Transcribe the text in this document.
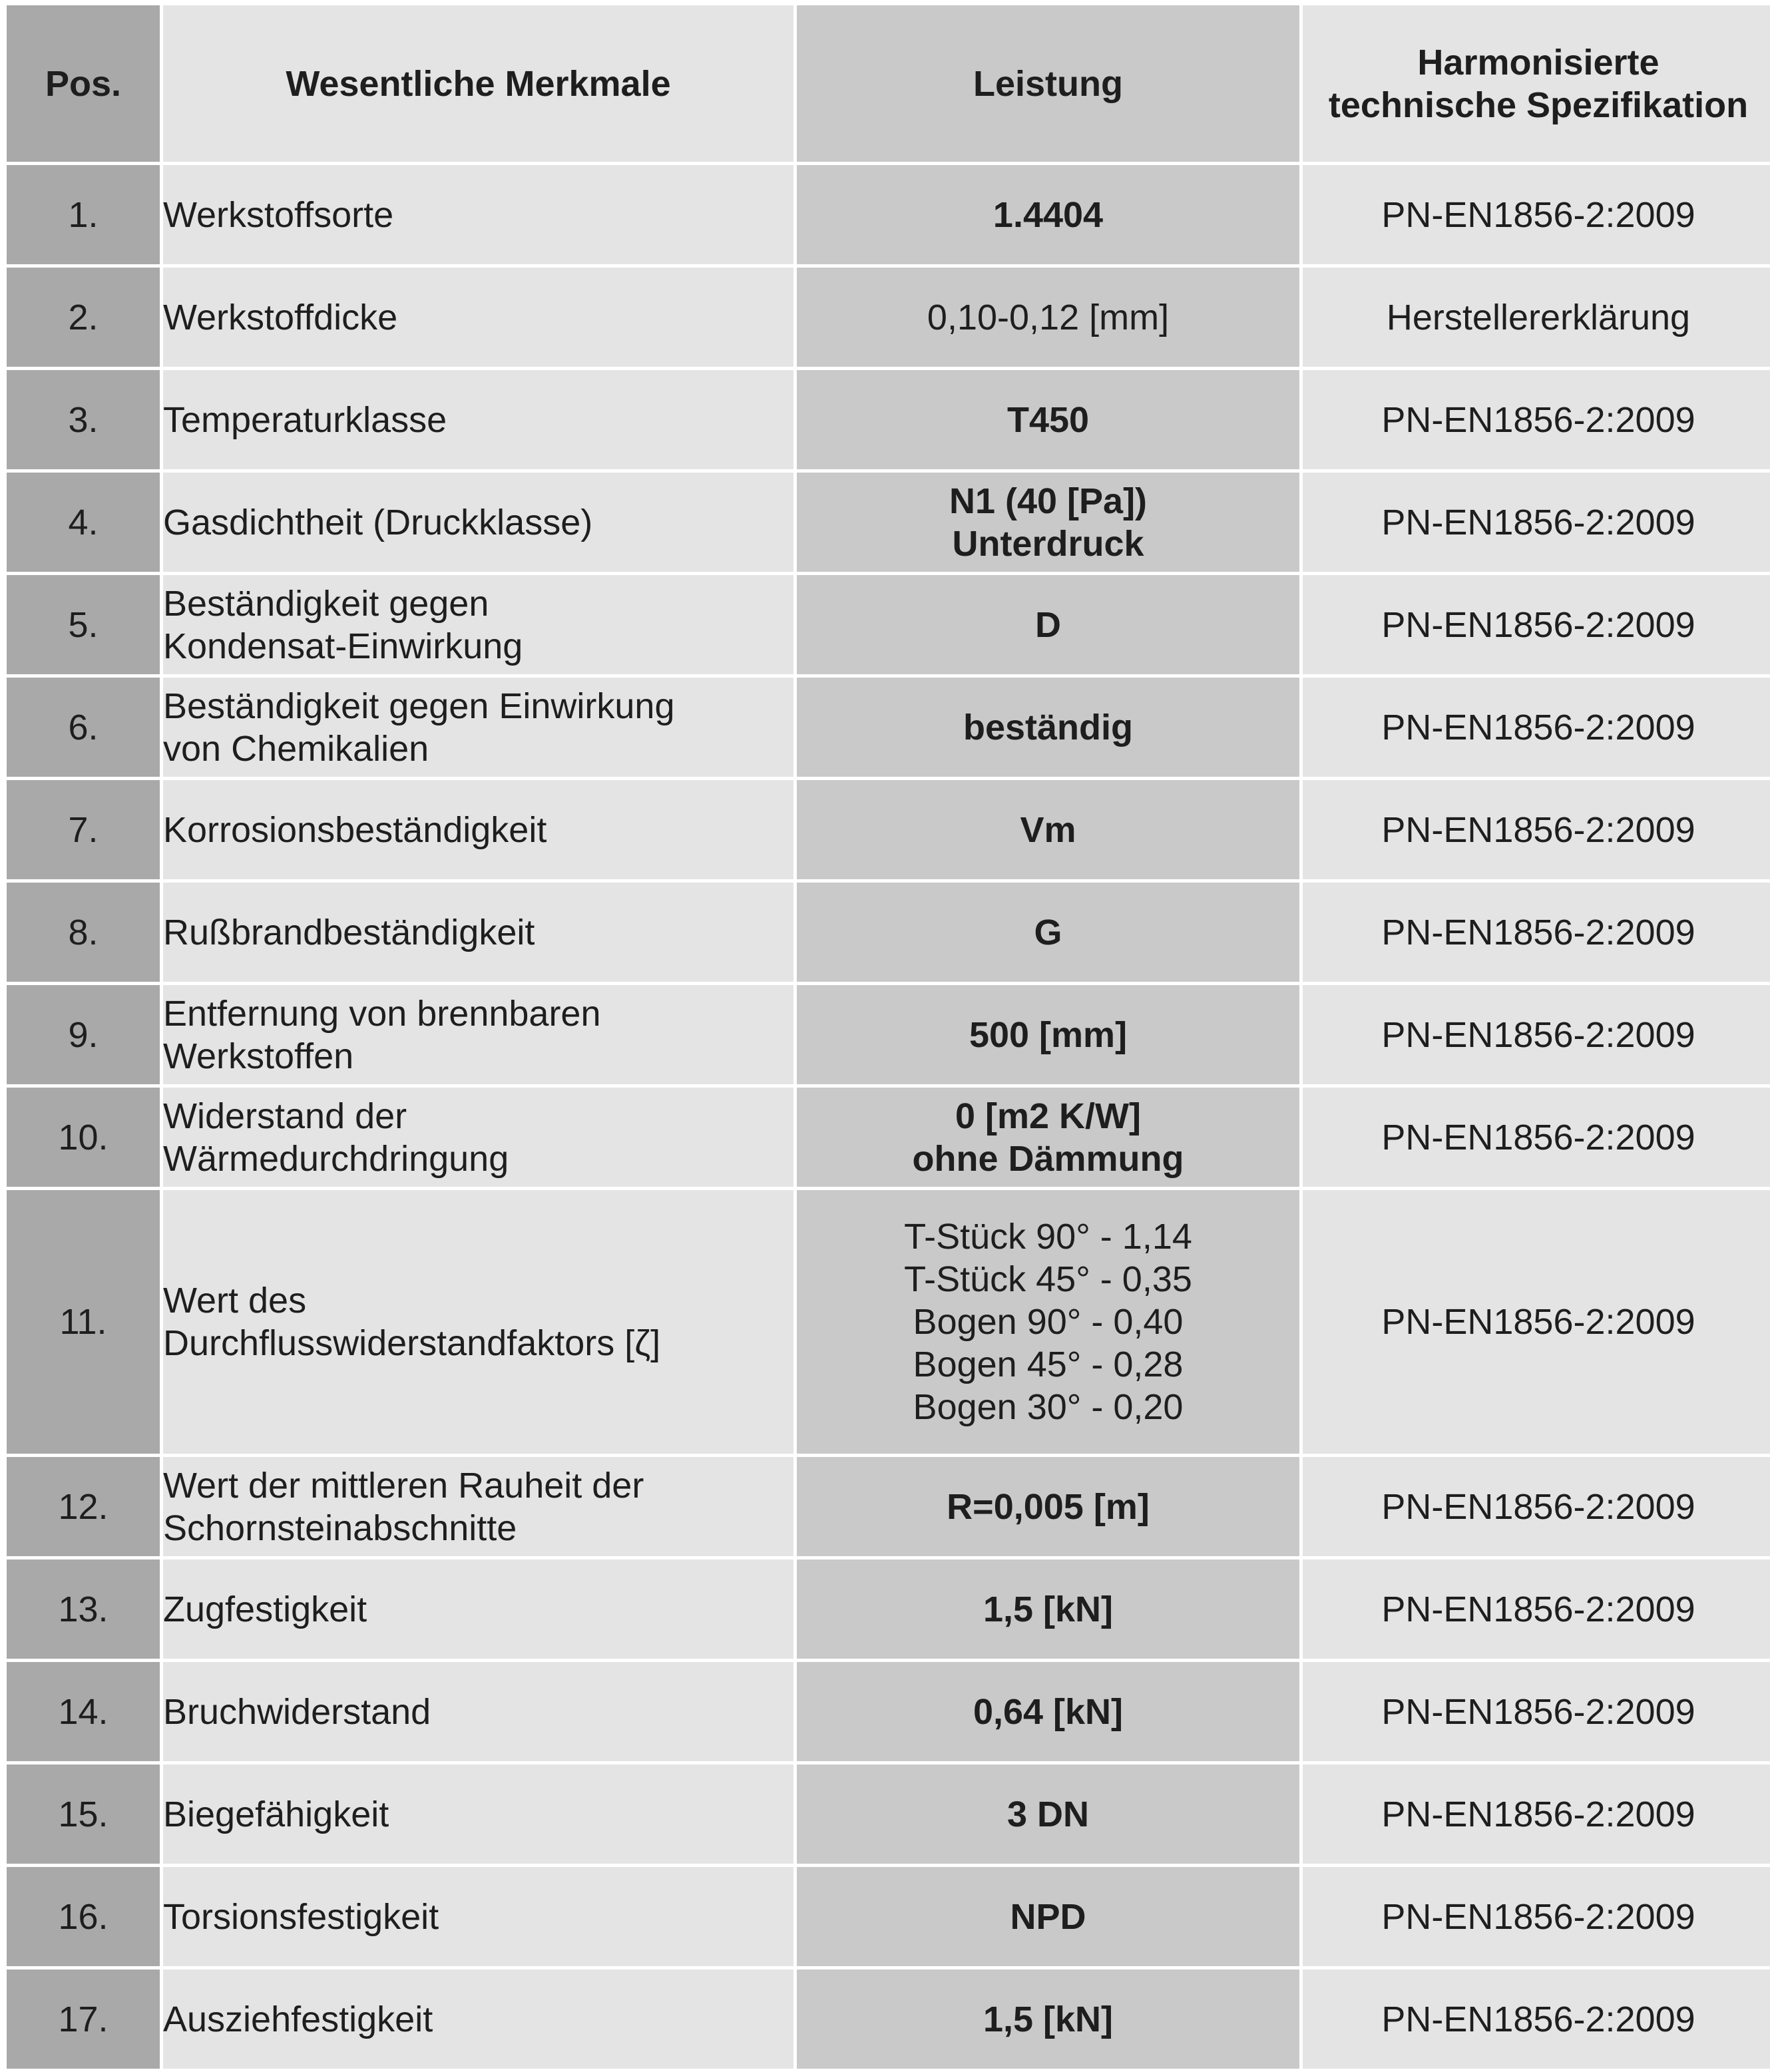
Pos.	Wesentliche Merkmale	Leistung	Harmonisierte
technische Spezifikation
1.	Werkstoffsorte	1.4404	PN-EN1856-2:2009
2.	Werkstoffdicke	0,10-0,12 [mm]	Herstellererklärung
3.	Temperaturklasse	T450	PN-EN1856-2:2009
4.	Gasdichtheit (Druckklasse)	N1 (40 [Pa])
Unterdruck	PN-EN1856-2:2009
5.	Beständigkeit gegen
Kondensat-Einwirkung	D	PN-EN1856-2:2009
6.	Beständigkeit gegen Einwirkung
von Chemikalien	beständig	PN-EN1856-2:2009
7.	Korrosionsbeständigkeit	Vm	PN-EN1856-2:2009
8.	Rußbrandbeständigkeit	G	PN-EN1856-2:2009
9.	Entfernung von brennbaren
Werkstoffen	500 [mm]	PN-EN1856-2:2009
10.	Widerstand der
Wärmedurchdringung	0 [m2 K/W]
ohne Dämmung	PN-EN1856-2:2009
11.	Wert des
Durchflusswiderstandfaktors [ζ]	T-Stück 90° - 1,14
T-Stück 45° - 0,35
Bogen 90° - 0,40
Bogen 45° - 0,28
Bogen 30° - 0,20	PN-EN1856-2:2009
12.	Wert der mittleren Rauheit der
Schornsteinabschnitte	R=0,005 [m]	PN-EN1856-2:2009
13.	Zugfestigkeit	1,5 [kN]	PN-EN1856-2:2009
14.	Bruchwiderstand	0,64 [kN]	PN-EN1856-2:2009
15.	Biegefähigkeit	3 DN	PN-EN1856-2:2009
16.	Torsionsfestigkeit	NPD	PN-EN1856-2:2009
17.	Ausziehfestigkeit	1,5 [kN]	PN-EN1856-2:2009
